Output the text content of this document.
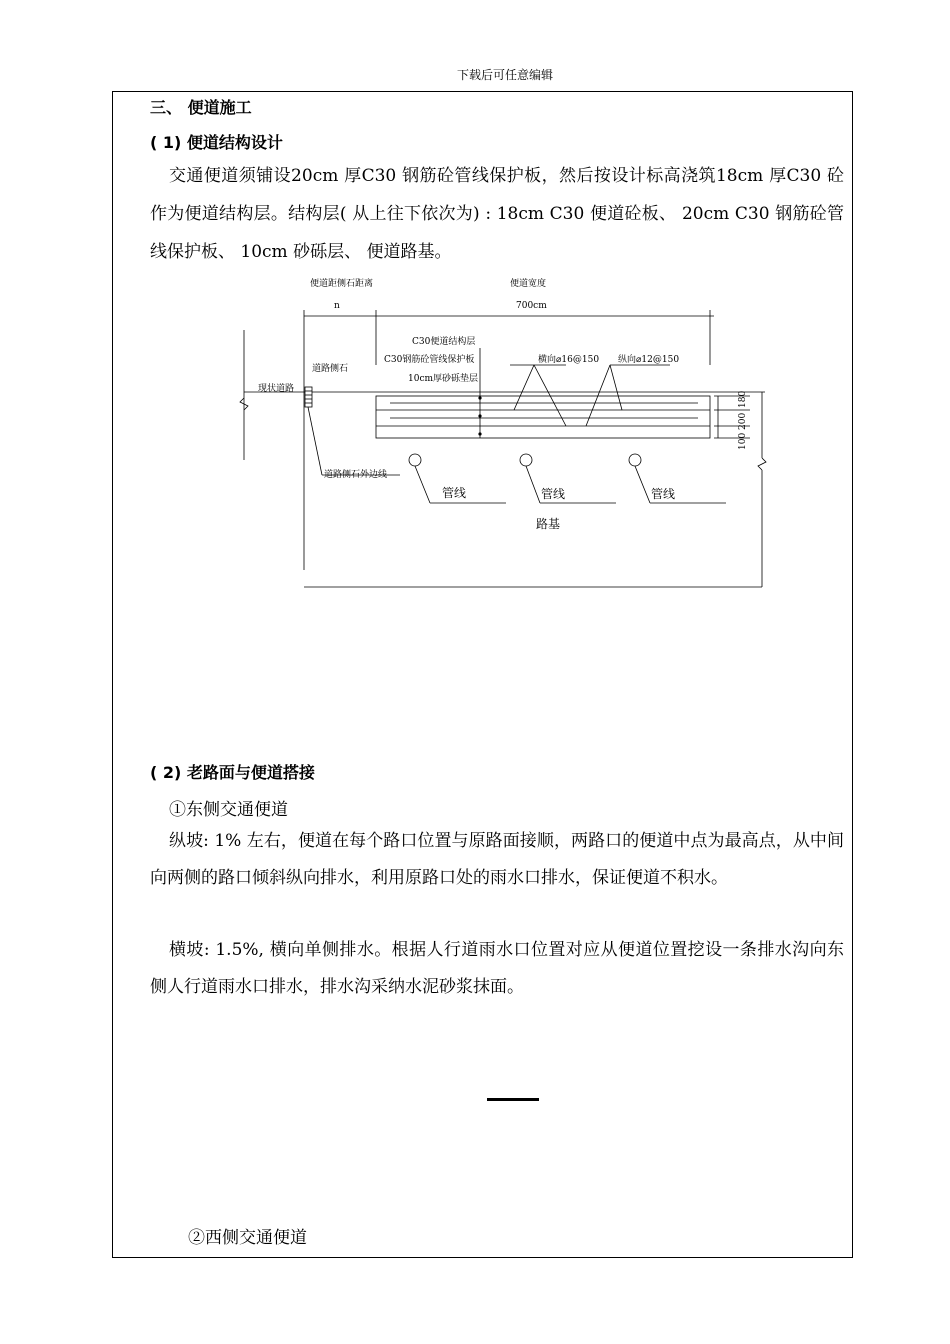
下载后可任意编辑
三、 便道施工
( 1) 便道结构设计
交通便道须铺设20cm 厚C30 钢筋砼管线保护板，然后按设计标高浇筑18cm 厚C30 砼作为便道结构层。结构层( 从上往下依次为) : 18cm C30 便道砼板、 20cm C30 钢筋砼管线保护板、 10cm 砂砾层、 便道路基。
便道距侧石距离	便道宽度
n	700cm
C30便道结构层
C30钢筋砼管线保护板
10cm厚砂砾垫层
道路侧石
现状道路
横向⌀16@150 纵向⌀12@150
道路侧石外边线
180
200
100
管线	管线	管线
路基
( 2) 老路面与便道搭接
①东侧交通便道
纵坡: 1% 左右，便道在每个路口位置与原路面接顺，两路口的便道中点为最高点，从中间向两侧的路口倾斜纵向排水，利用原路口处的雨水口排水，保证便道不积水。
横坡: 1.5%, 横向单侧排水。根据人行道雨水口位置对应从便道位置挖设一条排水沟向东侧人行道雨水口排水，排水沟采纳水泥砂浆抹面。
②西侧交通便道
